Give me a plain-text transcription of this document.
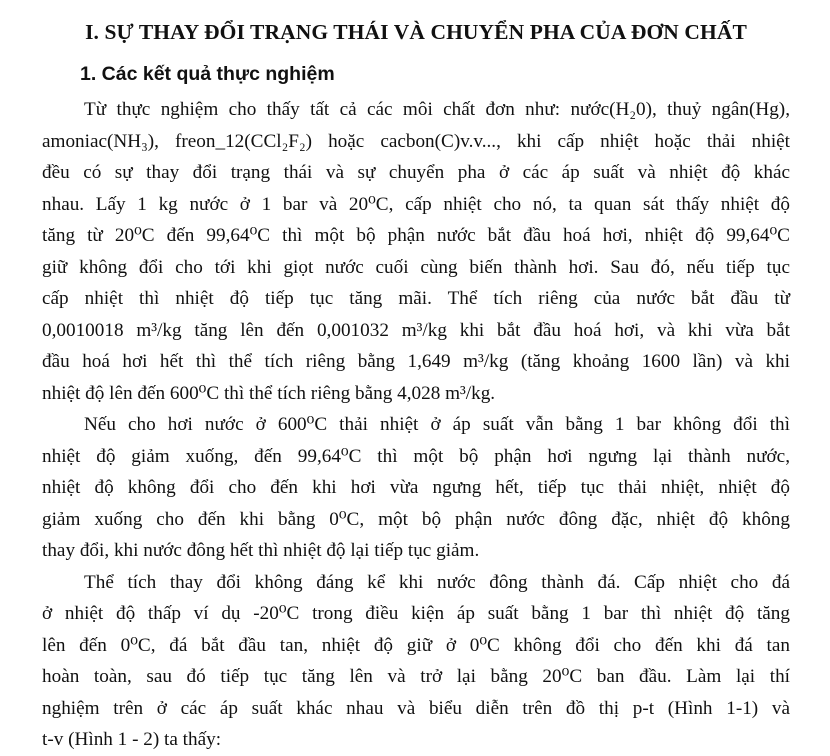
I. SỰ THAY ĐỔI TRẠNG THÁI VÀ CHUYỂN PHA CỦA ĐƠN CHẤT
1. Các kết quả thực nghiệm
Từ thực nghiệm cho thấy tất cả các môi chất đơn như: nước(H₂0), thuỷ ngân(Hg),
amoniac(NH₃), freon_12(CCl₂F₂) hoặc cacbon(C)v.v..., khi cấp nhiệt hoặc thải nhiệt
đều có sự thay đổi trạng thái và sự chuyển pha ở các áp suất và nhiệt độ khác
nhau. Lấy 1 kg nước ở 1 bar và 20⁰C, cấp nhiệt cho nó, ta quan sát thấy nhiệt độ
tăng từ 20⁰C đến 99,64⁰C thì một bộ phận nước bắt đầu hoá hơi, nhiệt độ 99,64⁰C
giữ không đổi cho tới khi giọt nước cuối cùng biến thành hơi. Sau đó, nếu tiếp tục
cấp nhiệt thì nhiệt độ tiếp tục tăng mãi. Thể tích riêng của nước bắt đầu từ
0,0010018 m³/kg tăng lên đến 0,001032 m³/kg khi bắt đầu hoá hơi, và khi vừa bắt
đầu hoá hơi hết thì thể tích riêng bằng 1,649 m³/kg (tăng khoảng 1600 lần) và khi
nhiệt độ lên đến 600⁰C thì thể tích riêng bằng 4,028 m³/kg.
Nếu cho hơi nước ở 600⁰C thải nhiệt ở áp suất vẫn bằng 1 bar không đổi thì
nhiệt độ giảm xuống, đến 99,64⁰C thì một bộ phận hơi ngưng lại thành nước,
nhiệt độ không đổi cho đến khi hơi vừa ngưng hết, tiếp tục thải nhiệt, nhiệt độ
giảm xuống cho đến khi bằng 0⁰C, một bộ phận nước đông đặc, nhiệt độ không
thay đổi, khi nước đông hết thì nhiệt độ lại tiếp tục giảm.
Thể tích thay đổi không đáng kể khi nước đông thành đá. Cấp nhiệt cho đá
ở nhiệt độ thấp ví dụ -20⁰C trong điều kiện áp suất bằng 1 bar thì nhiệt độ tăng
lên đến 0⁰C, đá bắt đầu tan, nhiệt độ giữ ở 0⁰C không đổi cho đến khi đá tan
hoàn toàn, sau đó tiếp tục tăng lên và trở lại bằng 20⁰C ban đầu. Làm lại thí
nghiệm trên ở các áp suất khác nhau và biểu diễn trên đồ thị p-t (Hình 1-1) và
t-v (Hình 1 - 2) ta thấy:
